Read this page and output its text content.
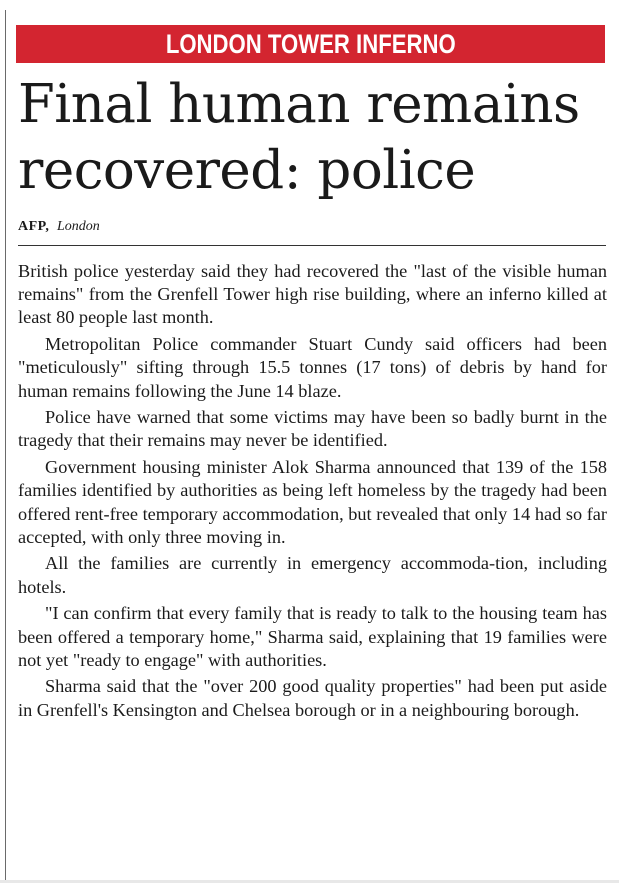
LONDON TOWER INFERNO
Final human remains recovered: police
AFP, London

British police yesterday said they had recovered the "last of the visible human remains" from the Grenfell Tower high rise building, where an inferno killed at least 80 people last month.

Metropolitan Police commander Stuart Cundy said officers had been "meticulously" sifting through 15.5 tonnes (17 tons) of debris by hand for human remains following the June 14 blaze.

Police have warned that some victims may have been so badly burnt in the tragedy that their remains may never be identified.

Government housing minister Alok Sharma announced that 139 of the 158 families identified by authorities as being left homeless by the tragedy had been offered rent-free temporary accommodation, but revealed that only 14 had so far accepted, with only three moving in.

All the families are currently in emergency accommoda-tion, including hotels.

"I can confirm that every family that is ready to talk to the housing team has been offered a temporary home," Sharma said, explaining that 19 families were not yet "ready to engage" with authorities.

Sharma said that the "over 200 good quality properties" had been put aside in Grenfell's Kensington and Chelsea borough or in a neighbouring borough.
